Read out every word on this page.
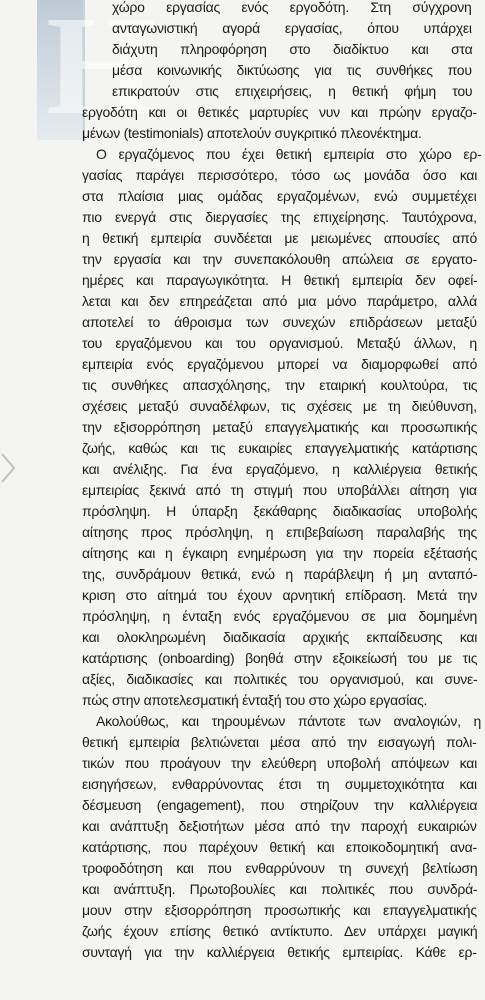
Η
χώρο εργασίας ενός εργοδότη. Στη σύγχρονη
ανταγωνιστική αγορά εργασίας, όπου υπάρχει
διάχυτη πληροφόρηση στο διαδίκτυο και στα
μέσα κοινωνικής δικτύωσης για τις συνθήκες που
επικρατούν στις επιχειρήσεις, η θετική φήμη του
εργοδότη και οι θετικές μαρτυρίες νυν και πρώην εργαζο-
μένων (testimonials) αποτελούν συγκριτικό πλεονέκτημα.
Ο εργαζόμενος που έχει θετική εμπειρία στο χώρο ερ-
γασίας παράγει περισσότερο, τόσο ως μονάδα όσο και
στα πλαίσια μιας ομάδας εργαζομένων, ενώ συμμετέχει
πιο ενεργά στις διεργασίες της επιχείρησης. Ταυτόχρονα,
η θετική εμπειρία συνδέεται με μειωμένες απουσίες από
την εργασία και την συνεπακόλουθη απώλεια σε εργατο-
ημέρες και παραγωγικότητα. Η θετική εμπειρία δεν οφεί-
λεται και δεν επηρεάζεται από μια μόνο παράμετρο, αλλά
αποτελεί το άθροισμα των συνεχών επιδράσεων μεταξύ
του εργαζόμενου και του οργανισμού. Μεταξύ άλλων, η
εμπειρία ενός εργαζόμενου μπορεί να διαμορφωθεί από
τις συνθήκες απασχόλησης, την εταιρική κουλτούρα, τις
σχέσεις μεταξύ συναδέλφων, τις σχέσεις με τη διεύθυνση,
την εξισορρόπηση μεταξύ επαγγελματικής και προσωπικής
ζωής, καθώς και τις ευκαιρίες επαγγελματικής κατάρτισης
και ανέλιξης. Για ένα εργαζόμενο, η καλλιέργεια θετικής
εμπειρίας ξεκινά από τη στιγμή που υποβάλλει αίτηση για
πρόσληψη. Η ύπαρξη ξεκάθαρης διαδικασίας υποβολής
αίτησης προς πρόσληψη, η επιβεβαίωση παραλαβής της
αίτησης και η έγκαιρη ενημέρωση για την πορεία εξέτασής
της, συνδράμουν θετικά, ενώ η παράβλεψη ή μη ανταπό-
κριση στο αίτημά του έχουν αρνητική επίδραση. Μετά την
πρόσληψη, η ένταξη ενός εργαζόμενου σε μια δομημένη
και ολοκληρωμένη διαδικασία αρχικής εκπαίδευσης και
κατάρτισης (onboarding) βοηθά στην εξοικείωσή του με τις
αξίες, διαδικασίες και πολιτικές του οργανισμού, και συνε-
πώς στην αποτελεσματική ένταξή του στο χώρο εργασίας.
Ακολούθως, και τηρουμένων πάντοτε των αναλογιών, η
θετική εμπειρία βελτιώνεται μέσα από την εισαγωγή πολι-
τικών που προάγουν την ελεύθερη υποβολή απόψεων και
εισηγήσεων, ενθαρρύνοντας έτσι τη συμμετοχικότητα και
δέσμευση (engagement), που στηρίζουν την καλλιέργεια
και ανάπτυξη δεξιοτήτων μέσα από την παροχή ευκαιριών
κατάρτισης, που παρέχουν θετική και εποικοδομητική ανα-
τροφοδότηση και που ενθαρρύνουν τη συνεχή βελτίωση
και ανάπτυξη. Πρωτοβουλίες και πολιτικές που συνδρά-
μουν στην εξισορρόπηση προσωπικής και επαγγελματικής
ζωής έχουν επίσης θετικό αντίκτυπο. Δεν υπάρχει μαγική
συνταγή για την καλλιέργεια θετικής εμπειρίας. Κάθε ερ-
